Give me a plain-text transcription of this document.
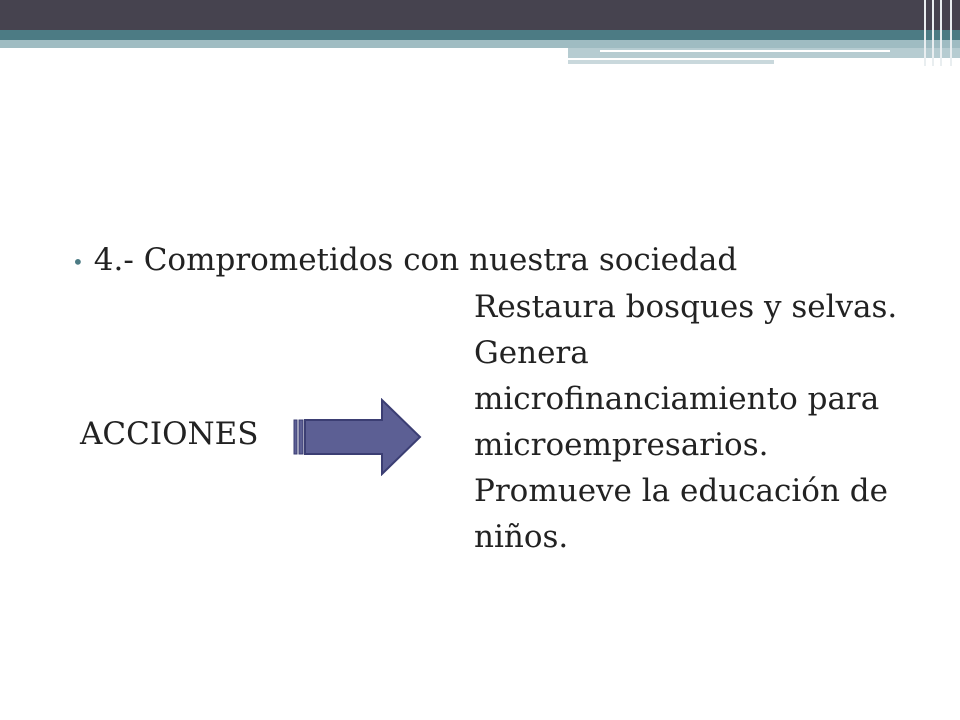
• 4.- Comprometidos con nuestra sociedad
ACCIONES

Restaura bosques y selvas.

Genera microfinanciamiento para microempresarios.

Promueve la educación de niños.
